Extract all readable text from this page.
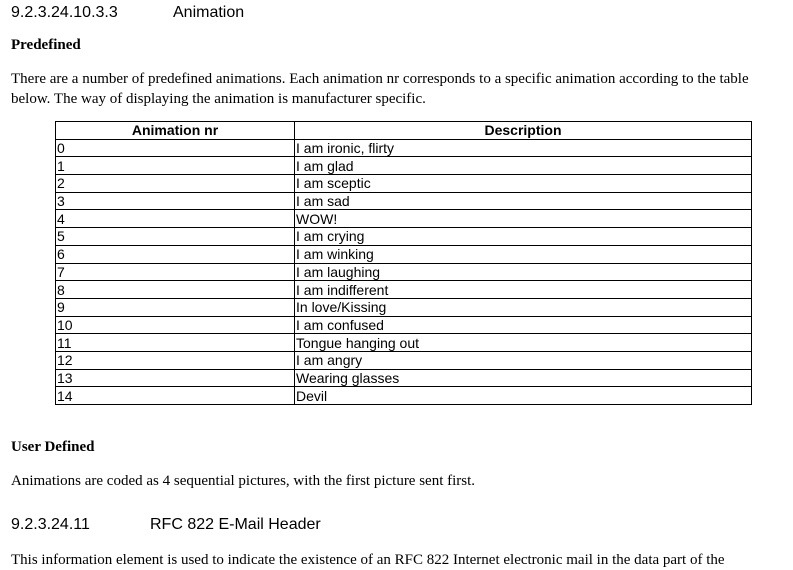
9.2.3.24.10.3.3	Animation
Predefined
There are a number of predefined animations. Each animation nr corresponds to a specific animation according to the table below. The way of displaying the animation is manufacturer specific.
Animation nr	Description
0	I am ironic, flirty
1	I am glad
2	I am sceptic
3	I am sad
4	WOW!
5	I am crying
6	I am winking
7	I am laughing
8	I am indifferent
9	In love/Kissing
10	I am confused
11	Tongue hanging out
12	I am angry
13	Wearing glasses
14	Devil
User Defined
Animations are coded as 4 sequential pictures, with the first picture sent first.
9.2.3.24.11	RFC 822 E-Mail Header
This information element is used to indicate the existence of an RFC 822 Internet electronic mail in the data part of the
